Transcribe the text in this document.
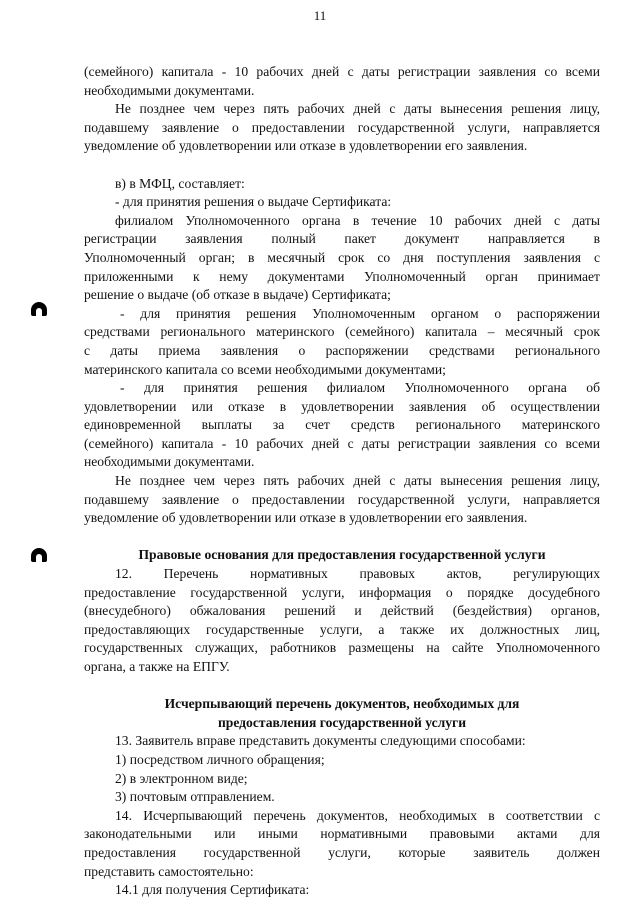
11
(семейного) капитала - 10 рабочих дней с даты регистрации заявления со всеми
необходимыми документами.
Не позднее чем через пять рабочих дней с даты вынесения решения лицу,
подавшему заявление о предоставлении государственной услуги, направляется
уведомление об удовлетворении или отказе в удовлетворении его заявления.
в) в МФЦ, составляет:
- для принятия решения о выдаче Сертификата:
филиалом Уполномоченного органа в течение 10 рабочих дней с даты
регистрации заявления полный пакет документ направляется в
Уполномоченный орган; в месячный срок со дня поступления заявления с
приложенными к нему документами Уполномоченный орган принимает
решение о выдаче (об отказе в выдаче) Сертификата;
- для принятия решения Уполномоченным органом о распоряжении
средствами регионального материнского (семейного) капитала – месячный срок
с даты приема заявления о распоряжении средствами регионального
материнского капитала со всеми необходимыми документами;
- для принятия решения филиалом Уполномоченного органа об
удовлетворении или отказе в удовлетворении заявления об осуществлении
единовременной выплаты за счет средств регионального материнского
(семейного) капитала - 10 рабочих дней с даты регистрации заявления со всеми
необходимыми документами.
Не позднее чем через пять рабочих дней с даты вынесения решения лицу,
подавшему заявление о предоставлении государственной услуги, направляется
уведомление об удовлетворении или отказе в удовлетворении его заявления.
Правовые основания для предоставления государственной услуги
12. Перечень нормативных правовых актов, регулирующих
предоставление государственной услуги, информация о порядке досудебного
(внесудебного) обжалования решений и действий (бездействия) органов,
предоставляющих государственные услуги, а также их должностных лиц,
государственных служащих, работников размещены на сайте Уполномоченного
органа, а также на ЕПГУ.
Исчерпывающий перечень документов, необходимых для
предоставления государственной услуги
13. Заявитель вправе представить документы следующими способами:
1) посредством личного обращения;
2) в электронном виде;
3) почтовым отправлением.
14. Исчерпывающий перечень документов, необходимых в соответствии с
законодательными или иными нормативными правовыми актами для
предоставления государственной услуги, которые заявитель должен
представить самостоятельно:
14.1 для получения Сертификата:
